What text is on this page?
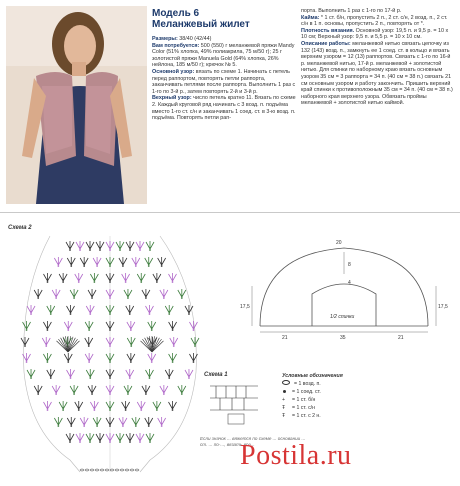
Модель 6
Меланжевый жилет
Размеры: 38/40 (42/44)
Вам потребуется: 500 (550) г меланжевой пряжи Mandy Color (51% хлопка, 49% полиакрила, 75 м/50 г); 25 г золотистой пряжи Manuela Gold (64% хлопка, 26% нейлона, 185 м/50 г); крючок № 5.
Основной узор: вязать по схеме 1. Начинать с петель перед раппортом, повторять петли раппорта, заканчивать петлями после раппорта. Выполнить 1 раз с 1-го по 3-й р., затем повторять 2-й и 3-й р.
Вехрный узор: число петель кратно 11. Вязать по схеме 2. Каждый круговой ряд начинать с 3 возд. п. подъёма вместо 1-го ст. с/н и заканчивать 1 соед. ст. в 3-ю возд. п. подъёма. Повторять петли рап-
порта. Выполнить 1 раз с 1-го по 17-й р.
Кайма: * 1 ст. б/н, пропустить 2 п., 2 ст. с/н, 2 возд. п., 2 ст. с/н в 1 п. основы, пропустить 2 п., повторять от *.
Плотность вязания. Основной узор: 19,5 п. и 9,5 р. = 10 х 10 см; Верхный узор: 9,5 п. и 5,5 р. = 10 х 10 см.
Описание работы: меланжевой нитью связать цепочку из 132 (143) возд. п., замкнуть ее 1 соед. ст. в кольцо и вязать верхним узором = 12 (13) раппортов. Связать с 1-го по 16-й р. меланжевой нитью, 17-й р. меланжевой + золотистой нитью. Для спинки по наборному краю вязать основным узором 35 см = 3 раппорта = 34 п. (40 см = 38 п.) связать 21 см основным узором и работу закончить. Пришить верхний край спинки к противоположным 35 см = 34 п. (40 см = 38 п.) наборного края верхнего узора. Обвязать проймы меланжевой + золотистой нитью каймой.
Схема 2
1/2 спинки
21	35	21
17,5
17,5
8
4
20
Схема 1	Условные обозначения
= 1 возд. п.
= 1 соед. ст.
+ = 1 ст. б/н
Ŧ = 1 ст. с/н
Ŧ = 1 ст. с 2 н.
Если значок ... вяжется по схеме ... основании ... ст. ... по-..., вязать все...
Postila.ru
